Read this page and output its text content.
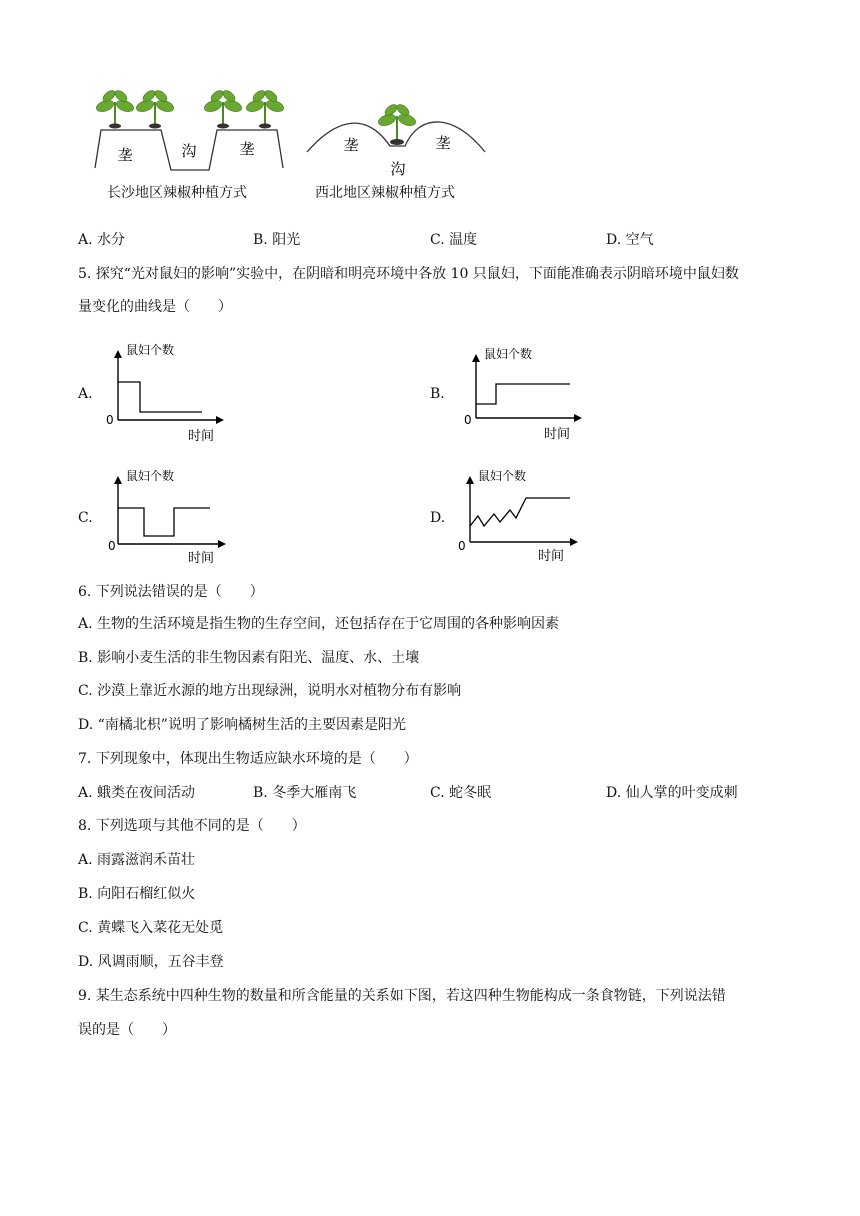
垄	沟	垄	垄
沟
垄
长沙地区辣椒种植方式	西北地区辣椒种植方式
A. 水分	B. 阳光	C. 温度	D. 空气
5. 探究“光对鼠妇的影响”实验中，在阴暗和明亮环境中各放 10 只鼠妇，下面能准确表示阴暗环境中鼠妇数
量变化的曲线是（　　）
A.
鼠妇个数
0
时间
B.
鼠妇个数
0
时间
C.
鼠妇个数
0
时间
D.
鼠妇个数
0
时间
6. 下列说法错误的是（　　）
A. 生物的生活环境是指生物的生存空间，还包括存在于它周围的各种影响因素
B. 影响小麦生活的非生物因素有阳光、温度、水、土壤
C. 沙漠上靠近水源的地方出现绿洲，说明水对植物分布有影响
D. “南橘北枳”说明了影响橘树生活的主要因素是阳光
7. 下列现象中，体现出生物适应缺水环境的是（　　）
A. 蛾类在夜间活动	B. 冬季大雁南飞	C. 蛇冬眠	D. 仙人掌的叶变成刺
8. 下列选项与其他不同的是（　　）
A. 雨露滋润禾苗壮
B. 向阳石榴红似火
C. 黄蝶飞入菜花无处觅
D. 风调雨顺，五谷丰登
9. 某生态系统中四种生物的数量和所含能量的关系如下图，若这四种生物能构成一条食物链，下列说法错
误的是（　　）
